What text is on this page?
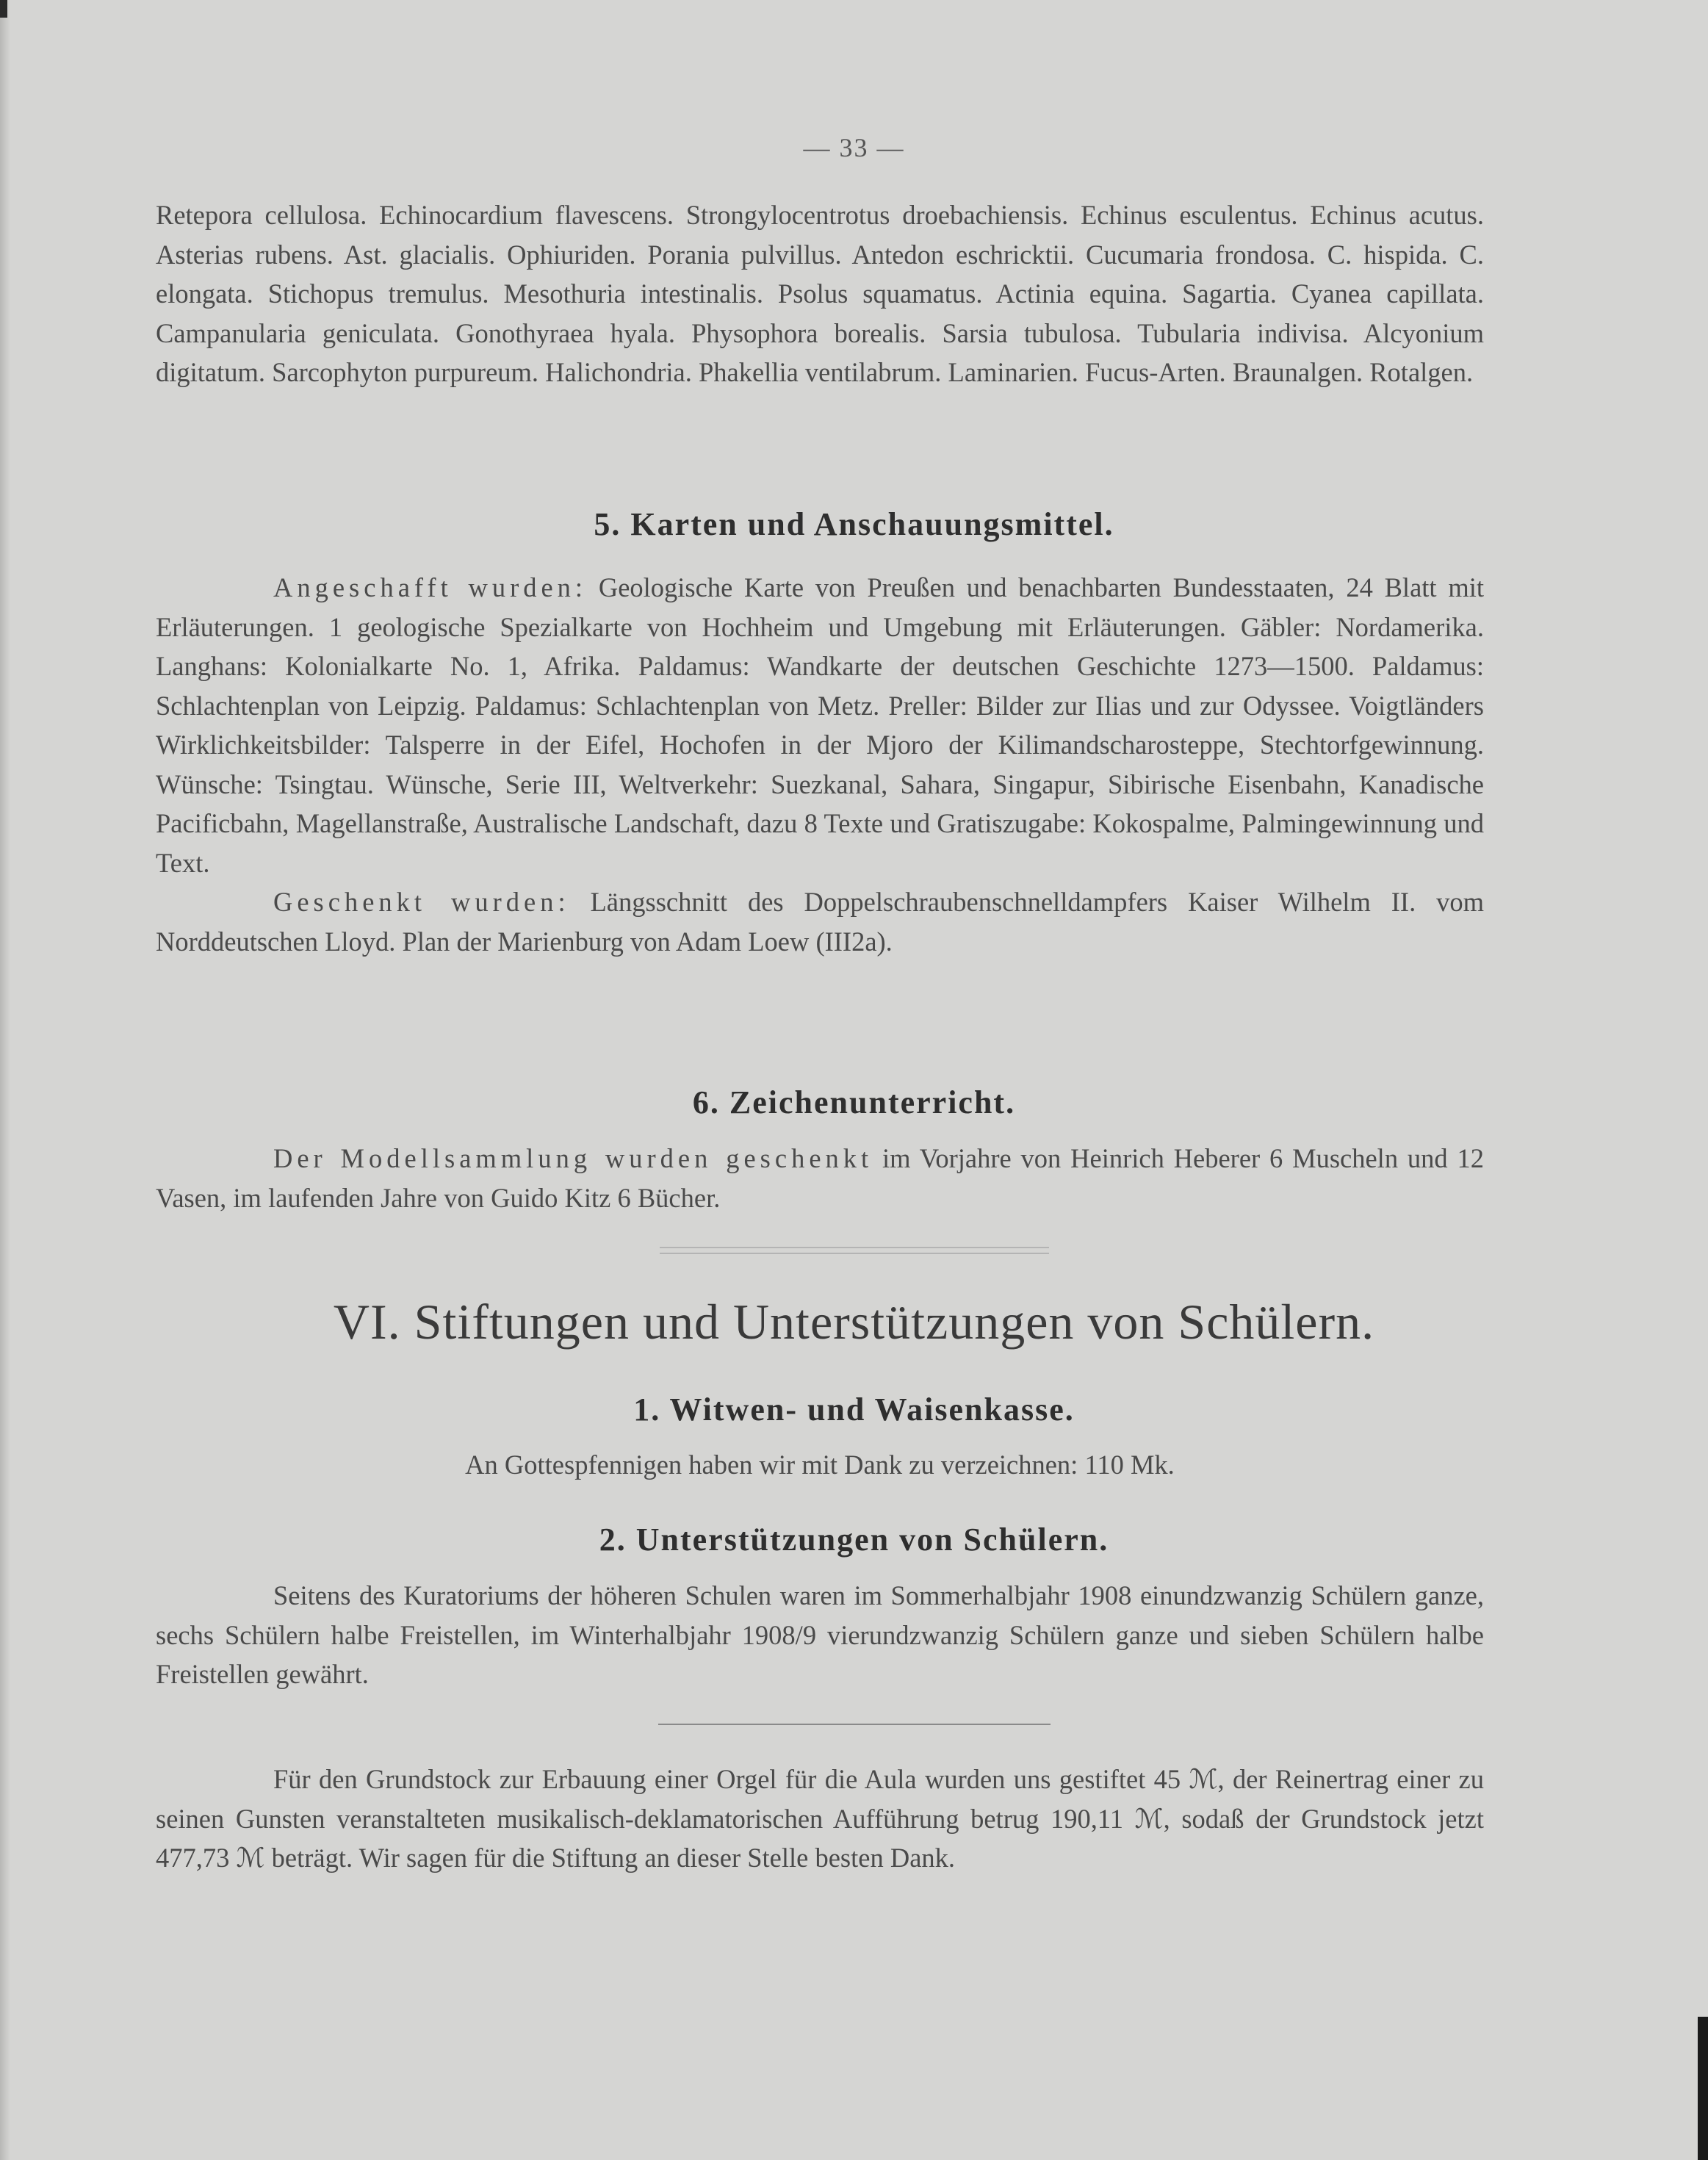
— 33 —

Retepora cellulosa. Echinocardium flavescens. Strongylocentrotus droebachiensis. Echinus esculentus. Echinus acutus. Asterias rubens. Ast. glacialis. Ophiuriden. Porania pulvillus. Antedon eschricktii. Cucumaria frondosa. C. hispida. C. elongata. Stichopus tremulus. Mesothuria intestinalis. Psolus squamatus. Actinia equina. Sagartia. Cyanea capillata. Campanularia geniculata. Gonothyraea hyala. Physophora borealis. Sarsia tubulosa. Tubularia indivisa. Alcyonium digitatum. Sarcophyton purpureum. Halichondria. Phakellia ventilabrum. Laminarien. Fucus-Arten. Braunalgen. Rotalgen.

5. Karten und Anschauungsmittel.

Angeschafft wurden: Geologische Karte von Preußen und benachbarten Bundesstaaten, 24 Blatt mit Erläuterungen. 1 geologische Spezialkarte von Hochheim und Umgebung mit Erläuterungen. Gäbler: Nordamerika. Langhans: Kolonialkarte No. 1, Afrika. Paldamus: Wandkarte der deutschen Geschichte 1273—1500. Paldamus: Schlachtenplan von Leipzig. Paldamus: Schlachtenplan von Metz. Preller: Bilder zur Ilias und zur Odyssee. Voigtländers Wirklichkeitsbilder: Talsperre in der Eifel, Hochofen in der Mjoro der Kilimandscharosteppe, Stechtorfgewinnung. Wünsche: Tsingtau. Wünsche, Serie III, Weltverkehr: Suezkanal, Sahara, Singapur, Sibirische Eisenbahn, Kanadische Pacificbahn, Magellanstraße, Australische Landschaft, dazu 8 Texte und Gratiszugabe: Kokospalme, Palmingewinnung und Text.

Geschenkt wurden: Längsschnitt des Doppelschraubenschnelldampfers Kaiser Wilhelm II. vom Norddeutschen Lloyd. Plan der Marienburg von Adam Loew (III2a).

6. Zeichenunterricht.

Der Modellsammlung wurden geschenkt im Vorjahre von Heinrich Heberer 6 Muscheln und 12 Vasen, im laufenden Jahre von Guido Kitz 6 Bücher.

VI. Stiftungen und Unterstützungen von Schülern.
1. Witwen- und Waisenkasse.
An Gottespfennigen haben wir mit Dank zu verzeichnen: 110 Mk.
2. Unterstützungen von Schülern.

Seitens des Kuratoriums der höheren Schulen waren im Sommerhalbjahr 1908 einundzwanzig Schülern ganze, sechs Schülern halbe Freistellen, im Winterhalbjahr 1908/9 vierundzwanzig Schülern ganze und sieben Schülern halbe Freistellen gewährt.

Für den Grundstock zur Erbauung einer Orgel für die Aula wurden uns gestiftet 45 ℳ, der Reinertrag einer zu seinen Gunsten veranstalteten musikalisch-deklamatorischen Aufführung betrug 190,11 ℳ, sodaß der Grundstock jetzt 477,73 ℳ beträgt. Wir sagen für die Stiftung an dieser Stelle besten Dank.
